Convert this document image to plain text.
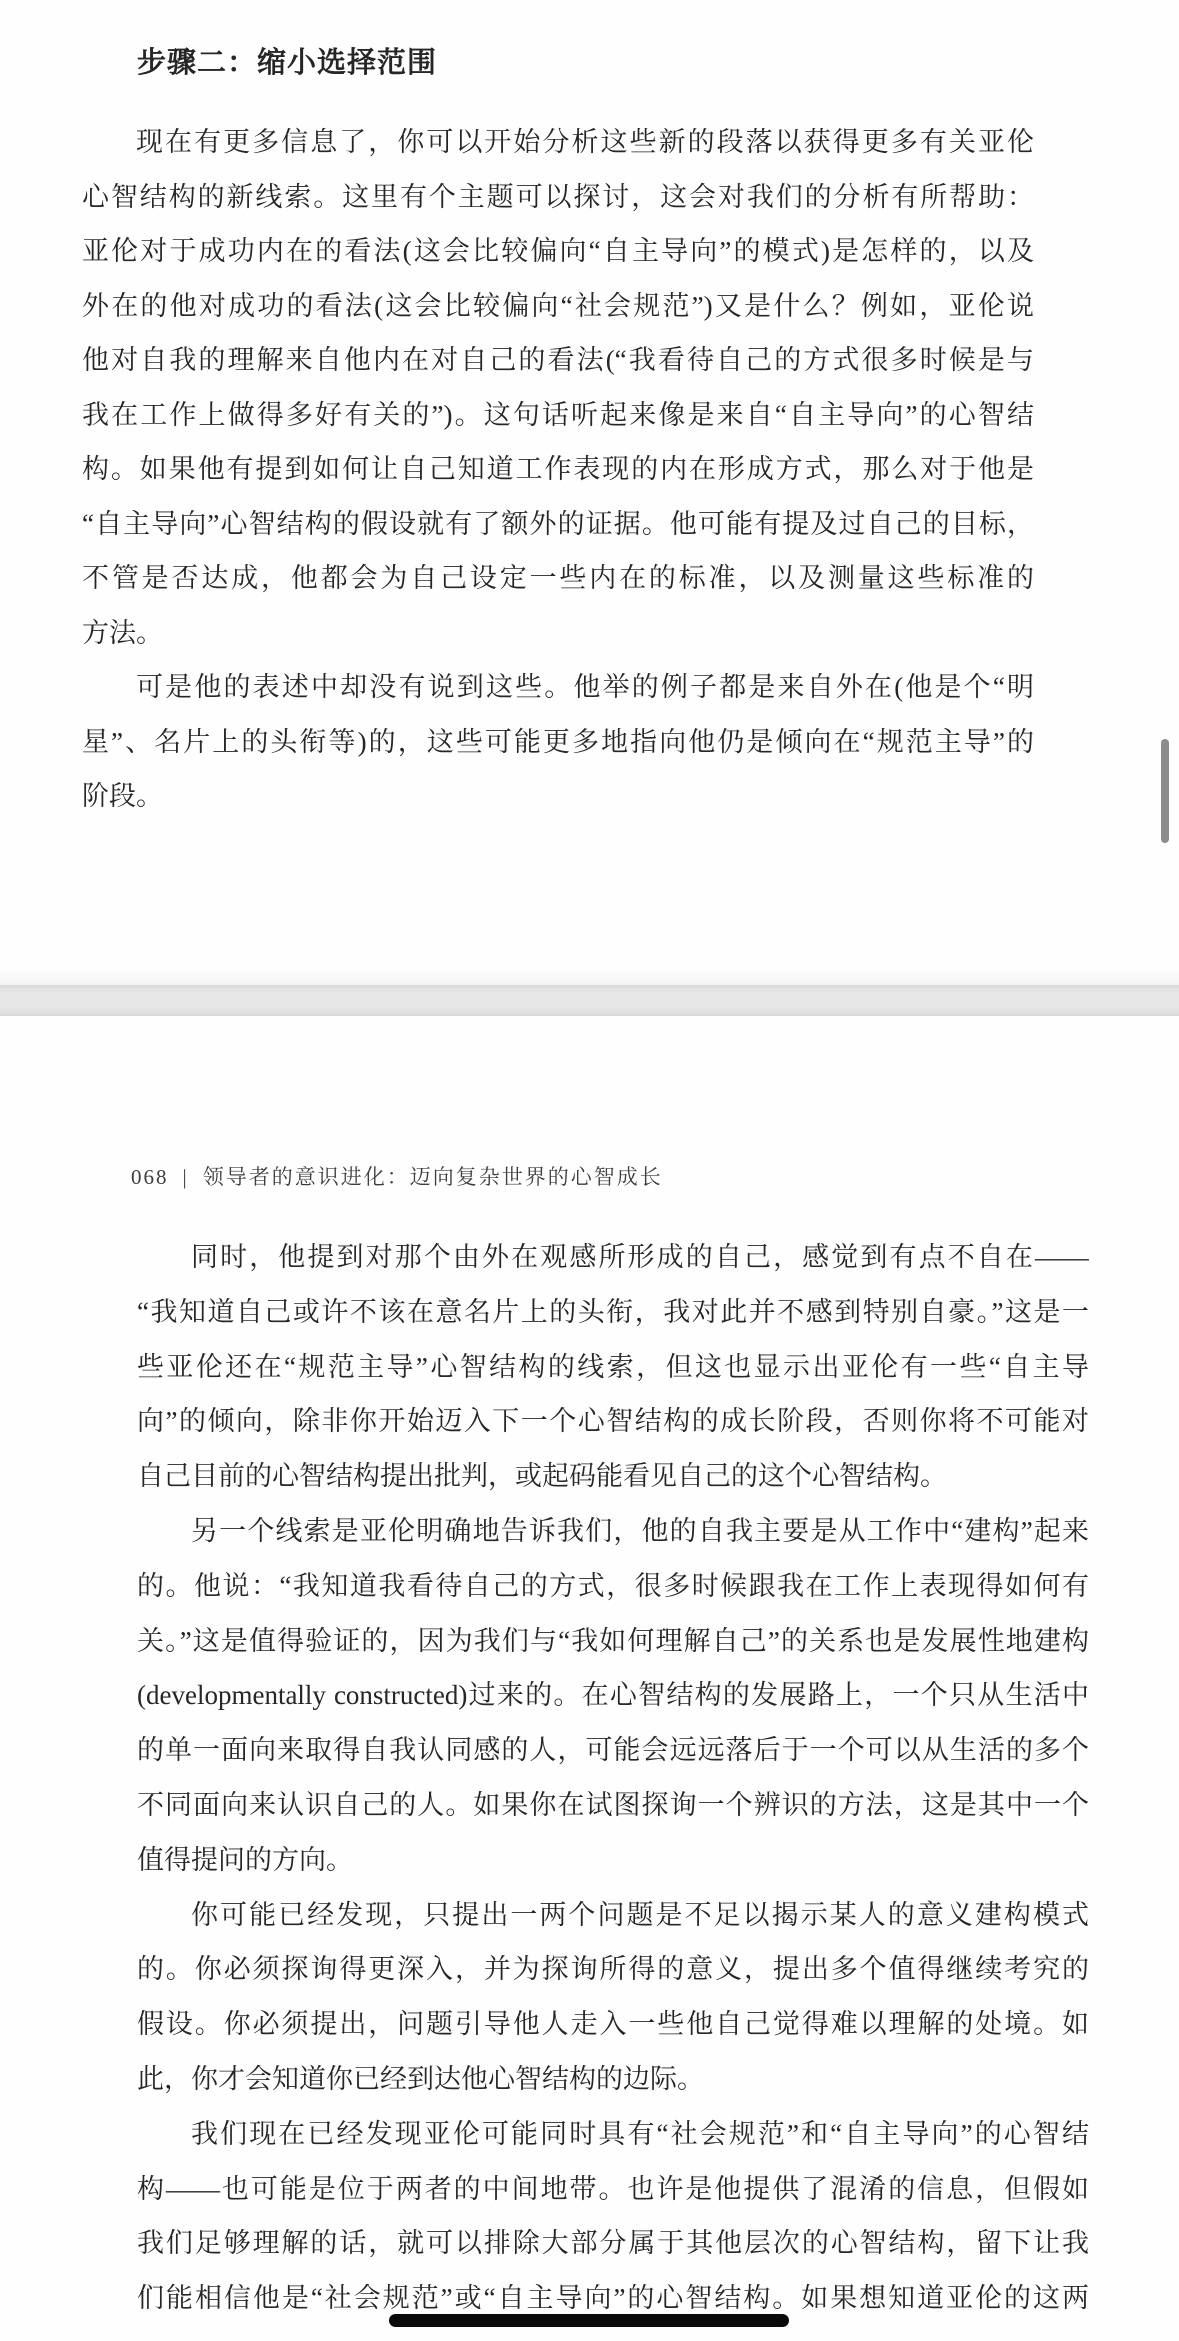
步骤二：缩小选择范围
现在有更多信息了，你可以开始分析这些新的段落以获得更多有关亚伦
心智结构的新线索。这里有个主题可以探讨，这会对我们的分析有所帮助：
亚伦对于成功内在的看法(这会比较偏向“自主导向”的模式)是怎样的，以及
外在的他对成功的看法(这会比较偏向“社会规范”)又是什么？例如，亚伦说
他对自我的理解来自他内在对自己的看法(“我看待自己的方式很多时候是与
我在工作上做得多好有关的”)。这句话听起来像是来自“自主导向”的心智结
构。如果他有提到如何让自己知道工作表现的内在形成方式，那么对于他是
“自主导向”心智结构的假设就有了额外的证据。他可能有提及过自己的目标，
不管是否达成，他都会为自己设定一些内在的标准，以及测量这些标准的
方法。
可是他的表述中却没有说到这些。他举的例子都是来自外在(他是个“明
星”、名片上的头衔等)的，这些可能更多地指向他仍是倾向在“规范主导”的
阶段。
068 | 领导者的意识进化：迈向复杂世界的心智成长
同时，他提到对那个由外在观感所形成的自己，感觉到有点不自在——
“我知道自己或许不该在意名片上的头衔，我对此并不感到特别自豪。”这是一
些亚伦还在“规范主导”心智结构的线索，但这也显示出亚伦有一些“自主导
向”的倾向，除非你开始迈入下一个心智结构的成长阶段，否则你将不可能对
自己目前的心智结构提出批判，或起码能看见自己的这个心智结构。
另一个线索是亚伦明确地告诉我们，他的自我主要是从工作中“建构”起来
的。他说：“我知道我看待自己的方式，很多时候跟我在工作上表现得如何有
关。”这是值得验证的，因为我们与“我如何理解自己”的关系也是发展性地建构
(developmentally constructed)过来的。在心智结构的发展路上，一个只从生活中
的单一面向来取得自我认同感的人，可能会远远落后于一个可以从生活的多个
不同面向来认识自己的人。如果你在试图探询一个辨识的方法，这是其中一个
值得提问的方向。
你可能已经发现，只提出一两个问题是不足以揭示某人的意义建构模式
的。你必须探询得更深入，并为探询所得的意义，提出多个值得继续考究的
假设。你必须提出，问题引导他人走入一些他自己觉得难以理解的处境。如
此，你才会知道你已经到达他心智结构的边际。
我们现在已经发现亚伦可能同时具有“社会规范”和“自主导向”的心智结
构——也可能是位于两者的中间地带。也许是他提供了混淆的信息，但假如
我们足够理解的话，就可以排除大部分属于其他层次的心智结构，留下让我
们能相信他是“社会规范”或“自主导向”的心智结构。如果想知道亚伦的这两
